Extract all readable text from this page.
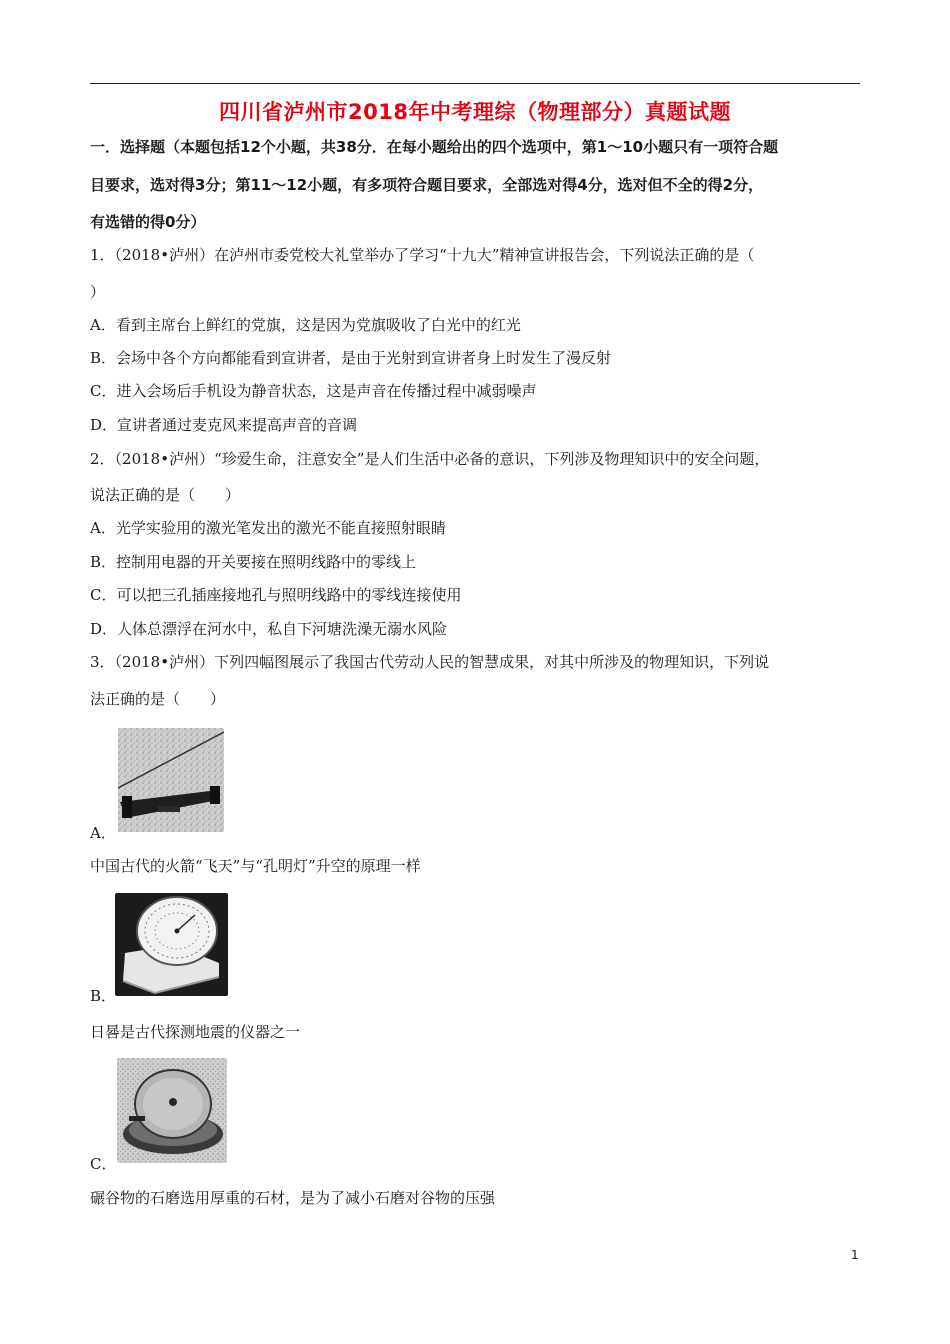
四川省泸州市2018年中考理综（物理部分）真题试题
一．选择题（本题包括12个小题，共38分．在每小题给出的四个选项中，第1～10小题只有一项符合题
目要求，选对得3分；第11～12小题，有多项符合题目要求，全部选对得4分，选对但不全的得2分，
有选错的得0分）
1．（2018•泸州）在泸州市委党校大礼堂举办了学习“十九大”精神宣讲报告会，下列说法正确的是（
）
A．看到主席台上鲜红的党旗，这是因为党旗吸收了白光中的红光
B．会场中各个方向都能看到宣讲者，是由于光射到宣讲者身上时发生了漫反射
C．进入会场后手机设为静音状态，这是声音在传播过程中减弱噪声
D．宣讲者通过麦克风来提高声音的音调
2．（2018•泸州）“珍爱生命，注意安全”是人们生活中必备的意识，下列涉及物理知识中的安全问题，
说法正确的是（　　）
A．光学实验用的激光笔发出的激光不能直接照射眼睛
B．控制用电器的开关要接在照明线路中的零线上
C．可以把三孔插座接地孔与照明线路中的零线连接使用
D．人体总漂浮在河水中，私自下河塘洗澡无溺水风险
3．（2018•泸州）下列四幅图展示了我国古代劳动人民的智慧成果，对其中所涉及的物理知识，下列说
法正确的是（　　）
A．
中国古代的火箭“飞天”与“孔明灯”升空的原理一样
B．
日晷是古代探测地震的仪器之一
C．
碾谷物的石磨选用厚重的石材，是为了减小石磨对谷物的压强
1
